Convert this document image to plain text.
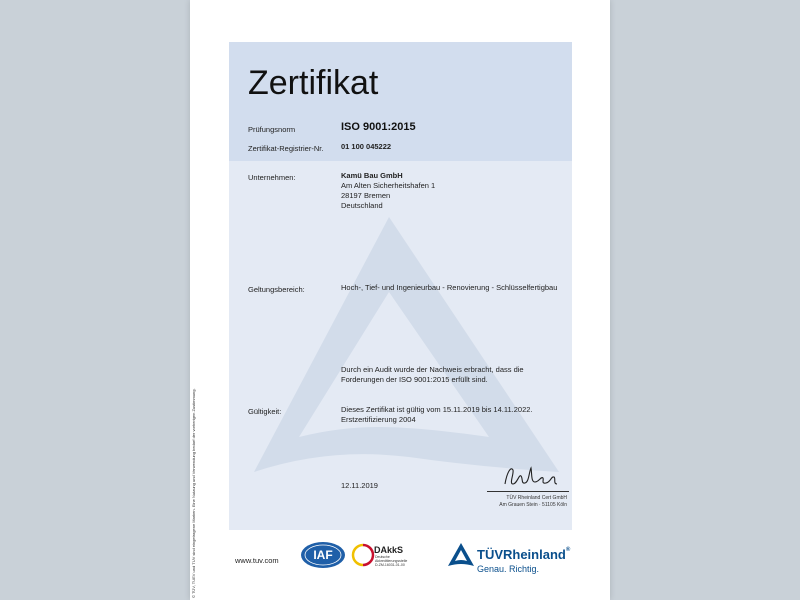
© TÜV, TUEV und TUV sind eingetragene Marken. Eine Nutzung und Verwendung bedarf der vorherigen Zustimmung.
Zertifikat
Prüfungsnorm	ISO 9001:2015
Zertifikat-Registrier-Nr. 01 100 045222
Unternehmen:	Kamü Bau GmbH
Am Alten Sicherheitshafen 1
28197 Bremen
Deutschland
Geltungsbereich:	Hoch-, Tief- und Ingenieurbau - Renovierung - Schlüsselfertigbau
Durch ein Audit wurde der Nachweis erbracht, dass die
Forderungen der ISO 9001:2015 erfüllt sind.
Gültigkeit:	Dieses Zertifikat ist gültig vom 15.11.2019 bis 14.11.2022.
Erstzertifizierung 2004
12.11.2019
TÜV Rheinland Cert GmbH
Am Grauen Stein · 51105 Köln
www.tuv.com	IAF	DAkkS
Deutsche
Akkreditierungsstelle
D-ZM-16031-01-00
TÜVRheinland®
Genau. Richtig.
